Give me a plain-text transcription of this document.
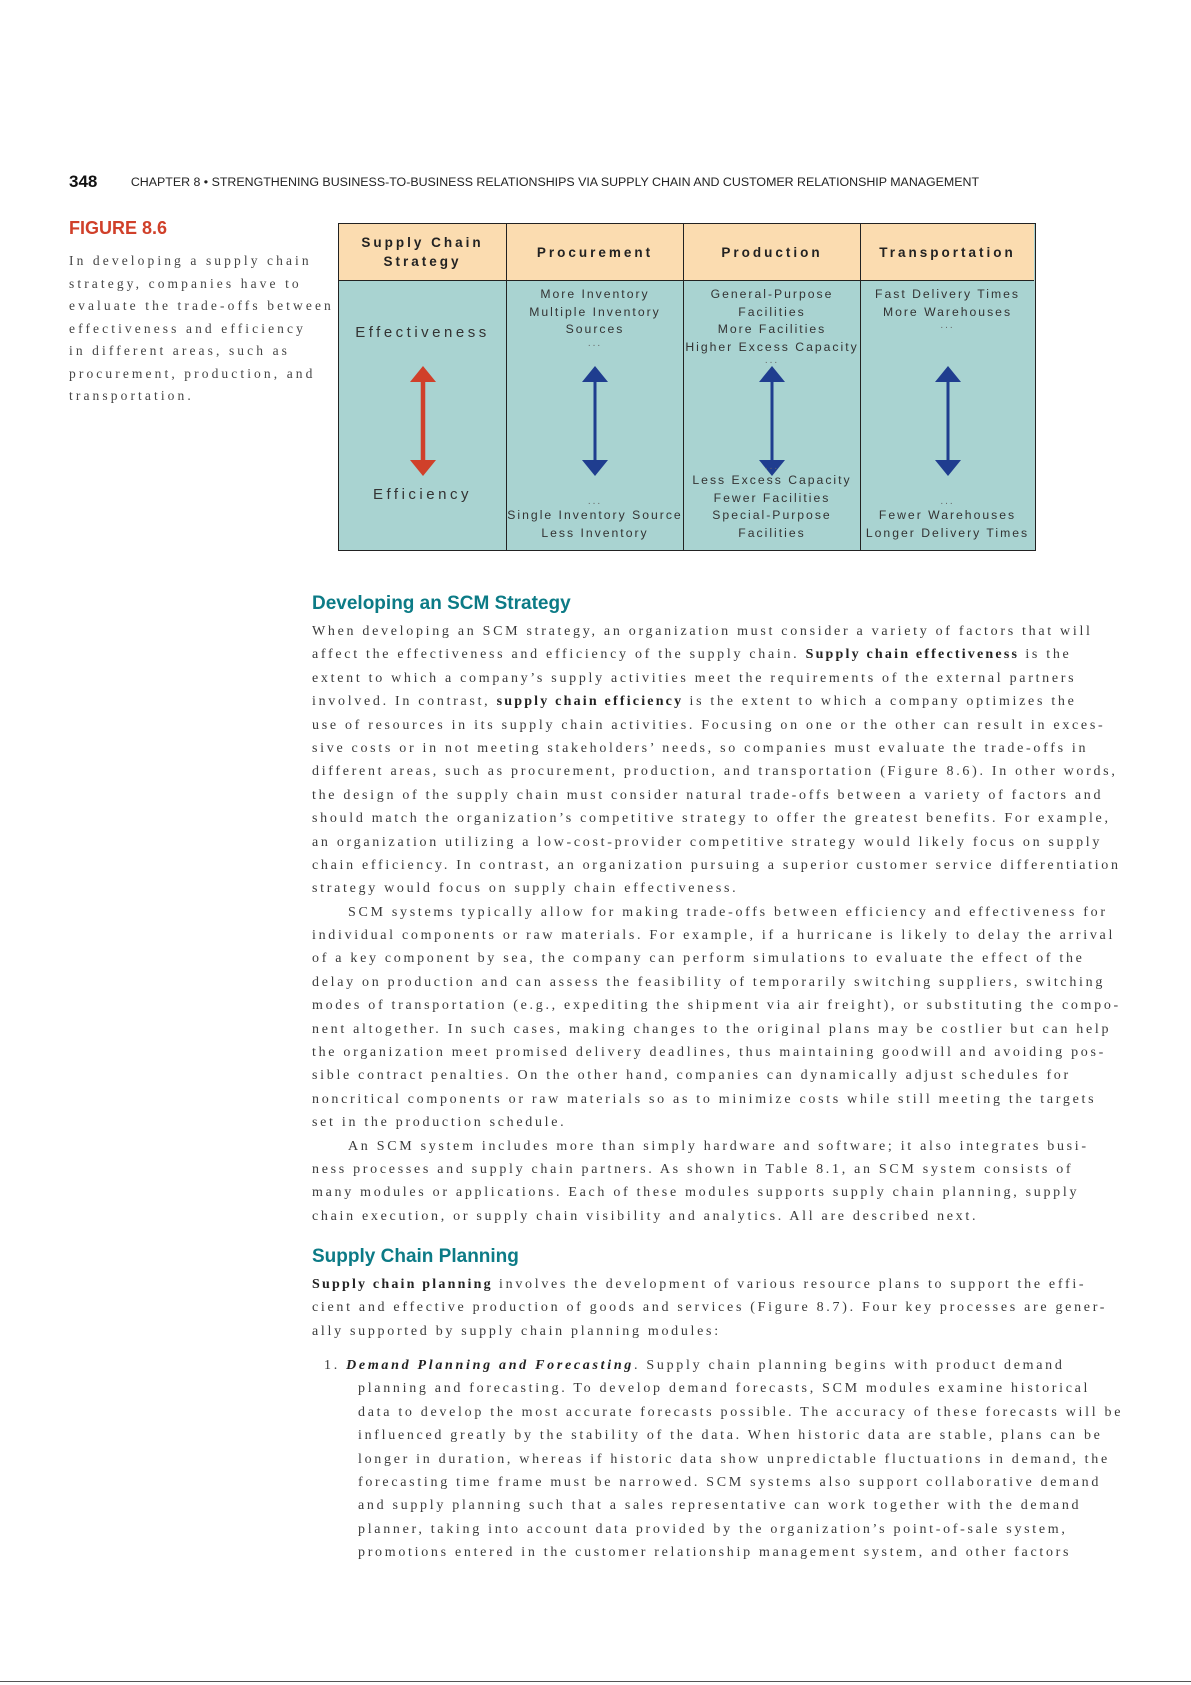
348	CHAPTER 8 • STRENGTHENING BUSINESS-TO-BUSINESS RELATIONSHIPS VIA SUPPLY CHAIN AND CUSTOMER RELATIONSHIP MANAGEMENT
FIGURE 8.6
In developing a supply chain
strategy, companies have to
evaluate the trade-offs between
effectiveness and efficiency
in different areas, such as
procurement, production, and
transportation.
Supply Chain
Strategy
Effectiveness
Efficiency
Procurement
More Inventory
Multiple Inventory Sources
...
...
Single Inventory Source
Less Inventory
Production
General-Purpose Facilities
More Facilities
Higher Excess Capacity
...
...
Less Excess Capacity
Fewer Facilities
Special-Purpose Facilities
Transportation
Fast Delivery Times
More Warehouses
...
...
Fewer Warehouses
Longer Delivery Times
Developing an SCM Strategy
When developing an SCM strategy, an organization must consider a variety of factors that will
affect the effectiveness and efficiency of the supply chain. Supply chain effectiveness is the
extent to which a company’s supply activities meet the requirements of the external partners
involved. In contrast, supply chain efficiency is the extent to which a company optimizes the
use of resources in its supply chain activities. Focusing on one or the other can result in exces-
sive costs or in not meeting stakeholders’ needs, so companies must evaluate the trade-offs in
different areas, such as procurement, production, and transportation (Figure 8.6). In other words,
the design of the supply chain must consider natural trade-offs between a variety of factors and
should match the organization’s competitive strategy to offer the greatest benefits. For example,
an organization utilizing a low-cost-provider competitive strategy would likely focus on supply
chain efficiency. In contrast, an organization pursuing a superior customer service differentiation
strategy would focus on supply chain effectiveness.
SCM systems typically allow for making trade-offs between efficiency and effectiveness for
individual components or raw materials. For example, if a hurricane is likely to delay the arrival
of a key component by sea, the company can perform simulations to evaluate the effect of the
delay on production and can assess the feasibility of temporarily switching suppliers, switching
modes of transportation (e.g., expediting the shipment via air freight), or substituting the compo-
nent altogether. In such cases, making changes to the original plans may be costlier but can help
the organization meet promised delivery deadlines, thus maintaining goodwill and avoiding pos-
sible contract penalties. On the other hand, companies can dynamically adjust schedules for
noncritical components or raw materials so as to minimize costs while still meeting the targets
set in the production schedule.
An SCM system includes more than simply hardware and software; it also integrates busi-
ness processes and supply chain partners. As shown in Table 8.1, an SCM system consists of
many modules or applications. Each of these modules supports supply chain planning, supply
chain execution, or supply chain visibility and analytics. All are described next.
Supply Chain Planning
Supply chain planning involves the development of various resource plans to support the effi-
cient and effective production of goods and services (Figure 8.7). Four key processes are gener-
ally supported by supply chain planning modules:
1. Demand Planning and Forecasting. Supply chain planning begins with product demand
planning and forecasting. To develop demand forecasts, SCM modules examine historical
data to develop the most accurate forecasts possible. The accuracy of these forecasts will be
influenced greatly by the stability of the data. When historic data are stable, plans can be
longer in duration, whereas if historic data show unpredictable fluctuations in demand, the
forecasting time frame must be narrowed. SCM systems also support collaborative demand
and supply planning such that a sales representative can work together with the demand
planner, taking into account data provided by the organization’s point-of-sale system,
promotions entered in the customer relationship management system, and other factors
